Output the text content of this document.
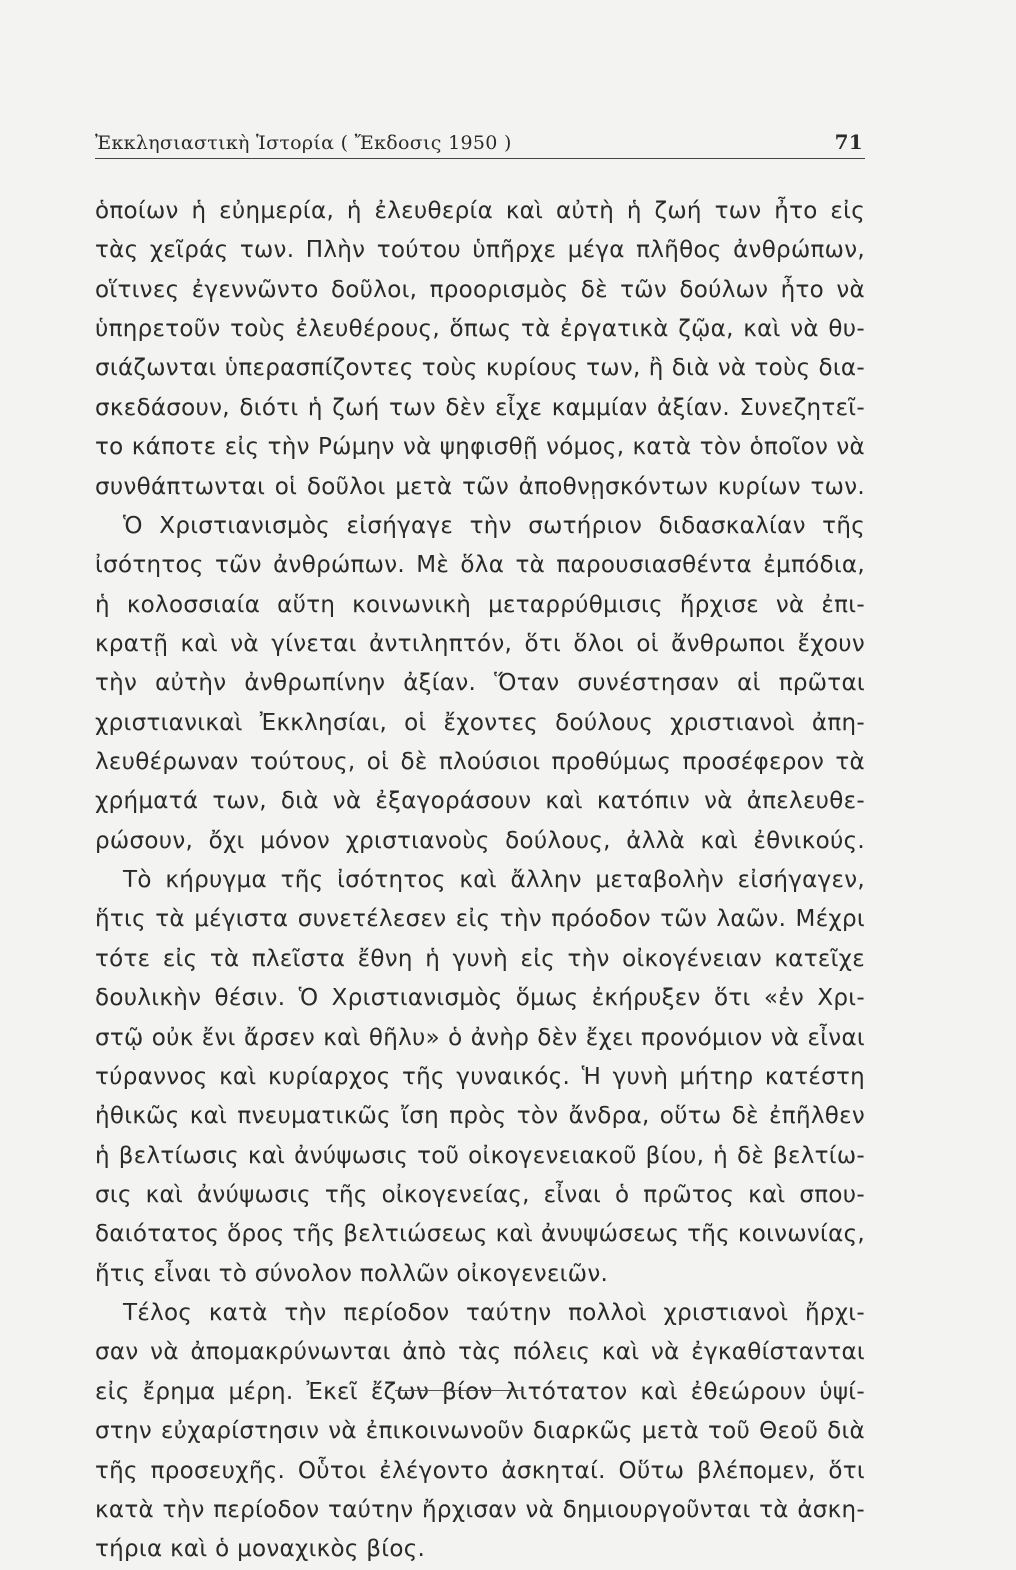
Ἐκκλησιαστικὴ Ἱστορία ( Ἔκδοσις 1950 )	71
ὁποίων ἡ εὐημερία, ἡ ἐλευθερία καὶ αὐτὴ ἡ ζωή των ἦτο εἰς
τὰς χεῖράς των. Πλὴν τούτου ὑπῆρχε μέγα πλῆθος ἀνθρώπων,
οἵτινες ἐγεννῶντο δοῦλοι, προορισμὸς δὲ τῶν δούλων ἦτο νὰ
ὑπηρετοῦν τοὺς ἐλευθέρους, ὅπως τὰ ἐργατικὰ ζῷα, καὶ νὰ θυ-
σιάζωνται ὑπερασπίζοντες τοὺς κυρίους των, ἢ διὰ νὰ τοὺς δια-
σκεδάσουν, διότι ἡ ζωή των δὲν εἶχε καμμίαν ἀξίαν. Συνεζητεῖ-
το κάποτε εἰς τὴν Ρώμην νὰ ψηφισθῇ νόμος, κατὰ τὸν ὁποῖον νὰ
συνθάπτωνται οἱ δοῦλοι μετὰ τῶν ἀποθνῃσκόντων κυρίων των.
Ὁ Χριστιανισμὸς εἰσήγαγε τὴν σωτήριον διδασκαλίαν τῆς
ἰσότητος τῶν ἀνθρώπων. Μὲ ὅλα τὰ παρουσιασθέντα ἐμπόδια,
ἡ κολοσσιαία αὕτη κοινωνικὴ μεταρρύθμισις ἤρχισε νὰ ἐπι-
κρατῇ καὶ νὰ γίνεται ἀντιληπτόν, ὅτι ὅλοι οἱ ἄνθρωποι ἔχουν
τὴν αὐτὴν ἀνθρωπίνην ἀξίαν. Ὅταν συνέστησαν αἱ πρῶται
χριστιανικαὶ Ἐκκλησίαι, οἱ ἔχοντες δούλους χριστιανοὶ ἀπη-
λευθέρωναν τούτους, οἱ δὲ πλούσιοι προθύμως προσέφερον τὰ
χρήματά των, διὰ νὰ ἐξαγοράσουν καὶ κατόπιν νὰ ἀπελευθε-
ρώσουν, ὄχι μόνον χριστιανοὺς δούλους, ἀλλὰ καὶ ἐθνικούς.
Τὸ κήρυγμα τῆς ἰσότητος καὶ ἄλλην μεταβολὴν εἰσήγαγεν,
ἥτις τὰ μέγιστα συνετέλεσεν εἰς τὴν πρόοδον τῶν λαῶν. Μέχρι
τότε εἰς τὰ πλεῖστα ἔθνη ἡ γυνὴ εἰς τὴν οἰκογένειαν κατεῖχε
δουλικὴν θέσιν. Ὁ Χριστιανισμὸς ὅμως ἐκήρυξεν ὅτι «ἐν Χρι-
στῷ οὐκ ἔνι ἄρσεν καὶ θῆλυ» ὁ ἀνὴρ δὲν ἔχει προνόμιον νὰ εἶναι
τύραννος καὶ κυρίαρχος τῆς γυναικός. Ἡ γυνὴ μήτηρ κατέστη
ἠθικῶς καὶ πνευματικῶς ἴση πρὸς τὸν ἄνδρα, οὕτω δὲ ἐπῆλθεν
ἡ βελτίωσις καὶ ἀνύψωσις τοῦ οἰκογενειακοῦ βίου, ἡ δὲ βελτίω-
σις καὶ ἀνύψωσις τῆς οἰκογενείας, εἶναι ὁ πρῶτος καὶ σπου-
δαιότατος ὅρος τῆς βελτιώσεως καὶ ἀνυψώσεως τῆς κοινωνίας,
ἥτις εἶναι τὸ σύνολον πολλῶν οἰκογενειῶν.
Τέλος κατὰ τὴν περίοδον ταύτην πολλοὶ χριστιανοὶ ἤρχι-
σαν νὰ ἀπομακρύνωνται ἀπὸ τὰς πόλεις καὶ νὰ ἐγκαθίστανται
εἰς ἔρημα μέρη. Ἐκεῖ ἔζων βίον λιτότατον καὶ ἐθεώρουν ὑψί-
στην εὐχαρίστησιν νὰ ἐπικοινωνοῦν διαρκῶς μετὰ τοῦ Θεοῦ διὰ
τῆς προσευχῆς. Οὗτοι ἐλέγοντο ἀσκηταί. Οὕτω βλέπομεν, ὅτι
κατὰ τὴν περίοδον ταύτην ἤρχισαν νὰ δημιουργοῦνται τὰ ἀσκη-
τήρια καὶ ὁ μοναχικὸς βίος.
